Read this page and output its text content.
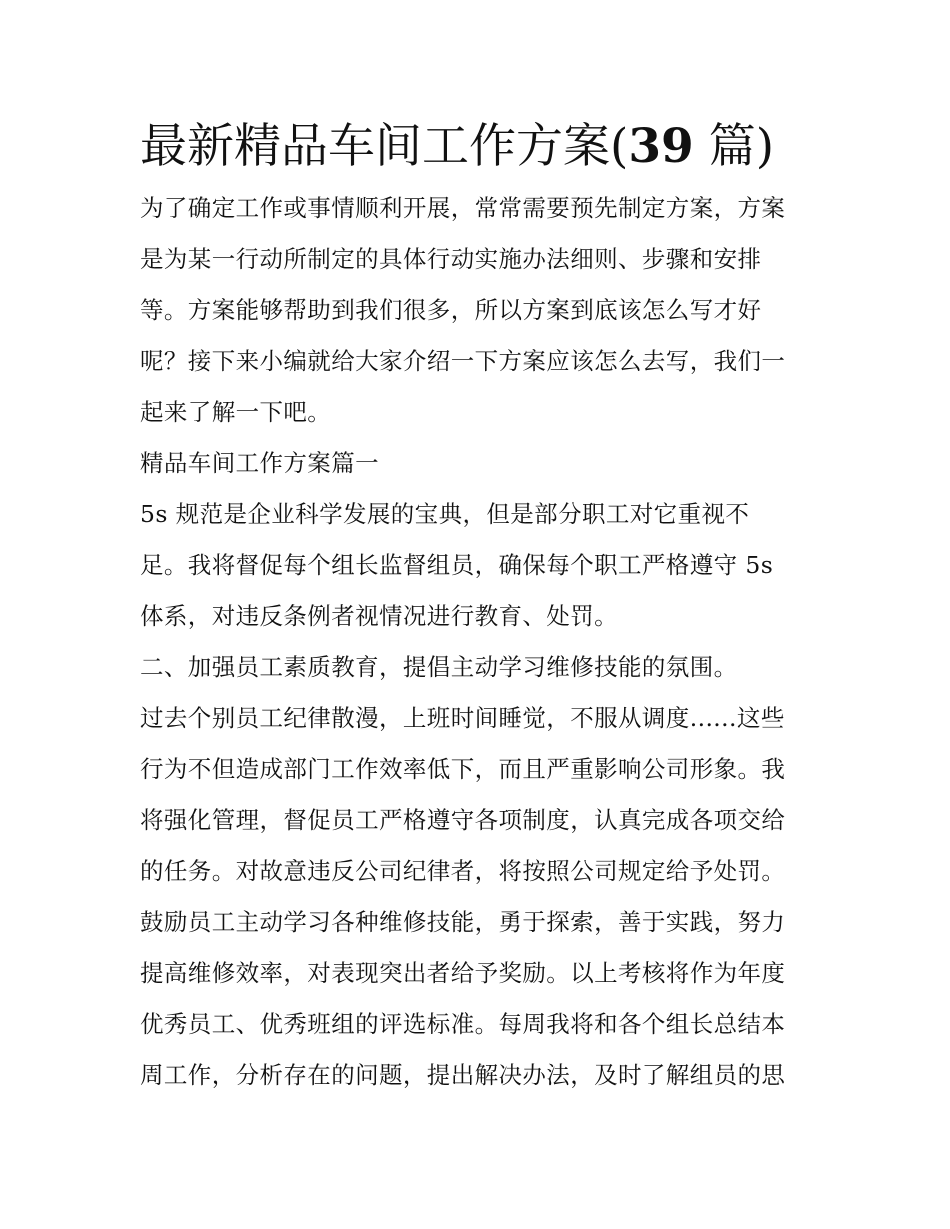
最新精品车间工作方案(39 篇)

为了确定工作或事情顺利开展，常常需要预先制定方案，方案

是为某一行动所制定的具体行动实施办法细则、步骤和安排

等。方案能够帮助到我们很多，所以方案到底该怎么写才好

呢？接下来小编就给大家介绍一下方案应该怎么去写，我们一

起来了解一下吧。

精品车间工作方案篇一

5s 规范是企业科学发展的宝典，但是部分职工对它重视不

足。我将督促每个组长监督组员，确保每个职工严格遵守 5s

体系，对违反条例者视情况进行教育、处罚。

二、加强员工素质教育，提倡主动学习维修技能的氛围。

过去个别员工纪律散漫，上班时间睡觉，不服从调度......这些

行为不但造成部门工作效率低下，而且严重影响公司形象。我

将强化管理，督促员工严格遵守各项制度，认真完成各项交给

的任务。对故意违反公司纪律者，将按照公司规定给予处罚。

鼓励员工主动学习各种维修技能，勇于探索，善于实践，努力

提高维修效率，对表现突出者给予奖励。以上考核将作为年度

优秀员工、优秀班组的评选标准。每周我将和各个组长总结本

周工作，分析存在的问题，提出解决办法，及时了解组员的思
